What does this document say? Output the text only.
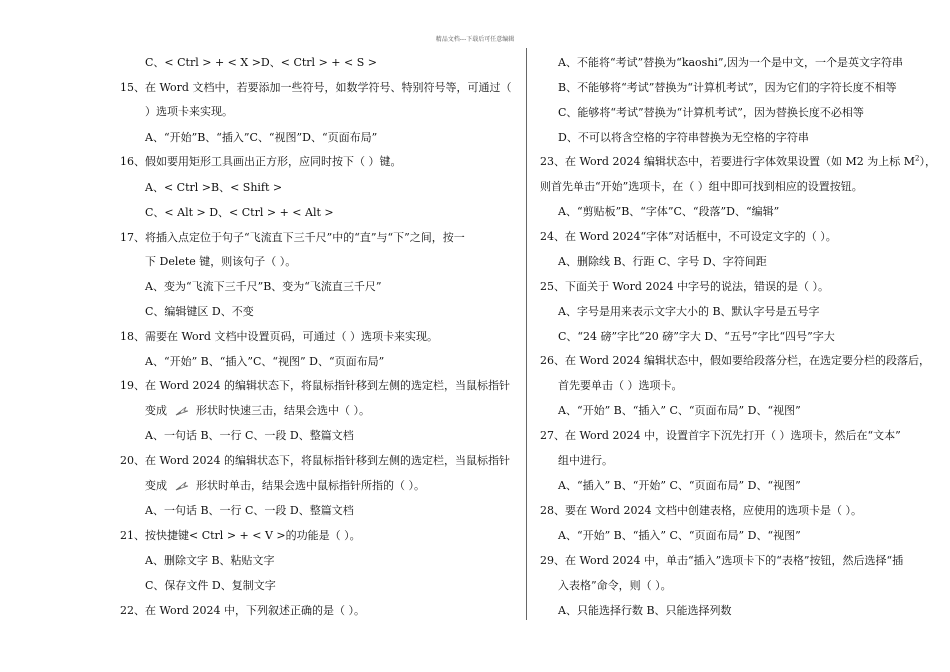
精品文档---下载后可任意编辑
变成	形状时快速三击，结果会选中（ ）。
变成	形状时单击，结果会选中鼠标指针所指的（ ）。
C、< Ctrl > + < X >D、< Ctrl > + < S >
15、在 Word 文档中，若要添加一些符号，如数学符号、特别符号等，可通过（
）选项卡来实现。
A、“开始”B、“插入”C、“视图”D、“页面布局”
16、假如要用矩形工具画出正方形，应同时按下（ ）键。
A、< Ctrl >B、< Shift >
C、< Alt > D、< Ctrl > + < Alt >
17、将插入点定位于句子“飞流直下三千尺”中的“直”与“下”之间，按一
下 Delete 键，则该句子（ ）。
A、变为“飞流下三千尺”B、变为“飞流直三千尺”
C、编辑键区 D、不变
18、需要在 Word 文档中设置页码，可通过（ ）选项卡来实现。
A、“开始” B、“插入”C、“视图” D、“页面布局”
19、在 Word 2024 的编辑状态下，将鼠标指针移到左侧的选定栏，当鼠标指针
A、一句话 B、一行 C、一段 D、整篇文档
20、在 Word 2024 的编辑状态下，将鼠标指针移到左侧的选定栏，当鼠标指针
A、一句话 B、一行 C、一段 D、整篇文档
21、按快捷键< Ctrl > + < V >的功能是（ ）。
A、删除文字 B、粘贴文字
C、保存文件 D、复制文字
22、在 Word 2024 中，下列叙述正确的是（ ）。
23、在 Word 2024 编辑状态中，若要进行字体效果设置（如 M2 为上标 $M^2$），
A、不能将“考试”替换为“kaoshi”,因为一个是中文，一个是英文字符串
B、不能够将“考试”替换为“计算机考试”，因为它们的字符长度不相等
C、能够将“考试”替换为“计算机考试”，因为替换长度不必相等
D、不可以将含空格的字符串替换为无空格的字符串
则首先单击“开始”选项卡，在（ ）组中即可找到相应的设置按钮。
A、“剪贴板”B、“字体”C、“段落”D、“编辑”
24、在 Word 2024“字体”对话框中，不可设定文字的（ ）。
A、删除线 B、行距 C、字号 D、字符间距
25、下面关于 Word 2024 中字号的说法，错误的是（ ）。
A、字号是用来表示文字大小的 B、默认字号是五号字
C、“24 磅”字比“20 磅”字大 D、“五号”字比“四号”字大
26、在 Word 2024 编辑状态中，假如要给段落分栏，在选定要分栏的段落后，
首先要单击（ ）选项卡。
A、“开始” B、“插入” C、“页面布局” D、“视图”
27、在 Word 2024 中，设置首字下沉先打开（ ）选项卡，然后在“文本”
组中进行。
A、“插入” B、“开始” C、“页面布局” D、“视图”
28、要在 Word 2024 文档中创建表格，应使用的选项卡是（ ）。
A、“开始” B、“插入” C、“页面布局” D、“视图”
29、在 Word 2024 中，单击“插入”选项卡下的“表格”按钮，然后选择“插
入表格”命令，则（ ）。
A、只能选择行数 B、只能选择列数
